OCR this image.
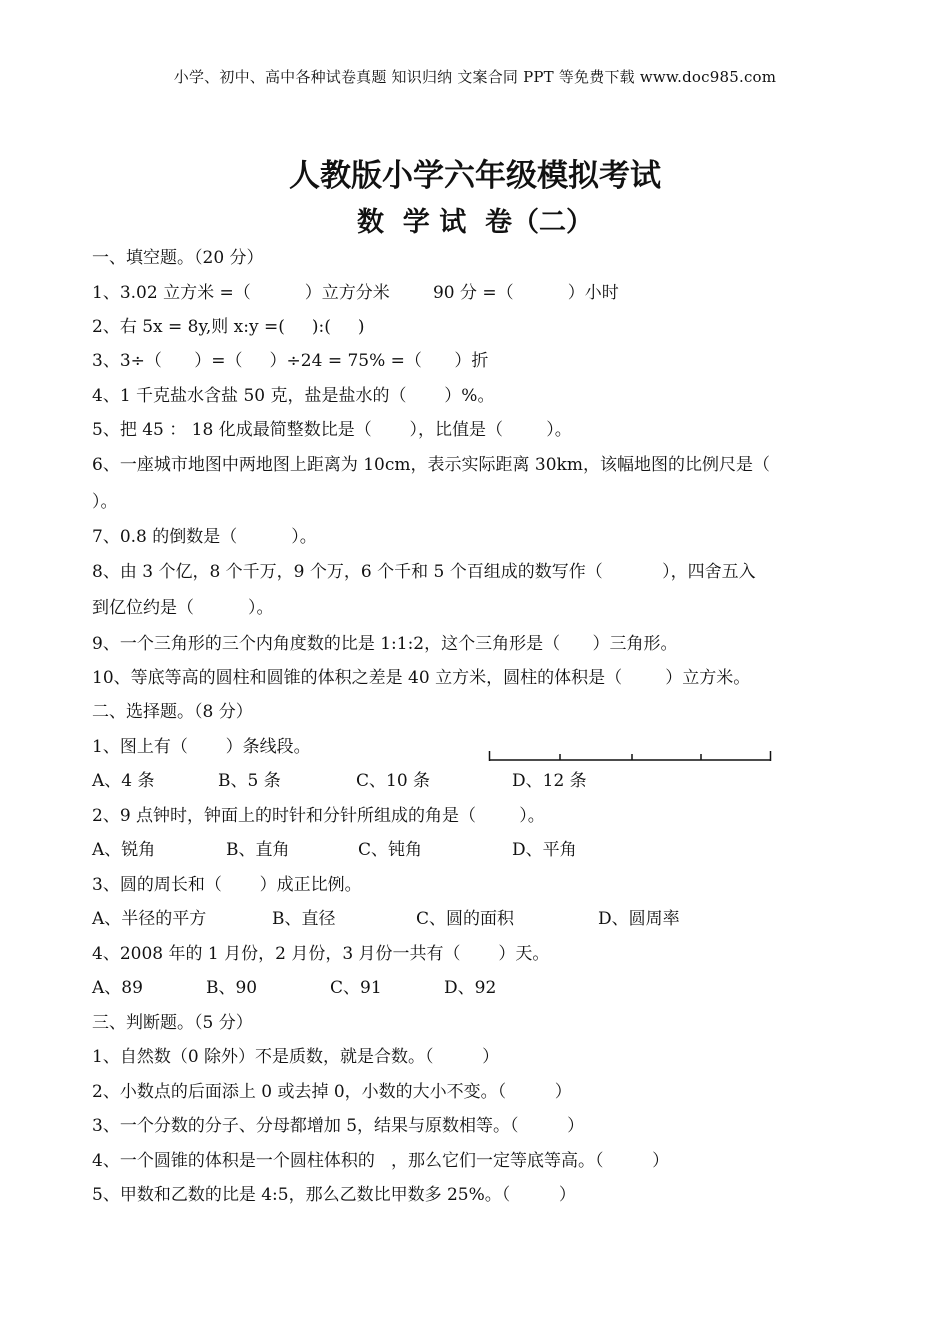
小学、初中、高中各种试卷真题 知识归纳 文案合同 PPT 等免费下载 www.doc985.com
人教版小学六年级模拟考试
数  学 试  卷（二）
一、填空题。（20 分）
1、3.02 立方米 =（          ）立方分米        90 分 =（          ）小时
2、右 5x = 8y,则 x:y =(     ):(     )
3、3÷（      ）=（     ）÷24 = 75% =（      ）折
4、1 千克盐水含盐 50 克，盐是盐水的（       ）%。
5、把 45 ： 18 化成最简整数比是（       ），比值是（        ）。
6、一座城市地图中两地图上距离为 10cm，表示实际距离 30km，该幅地图的比例尺是（
）。
7、0.8 的倒数是（          ）。
8、由 3 个亿，8 个千万，9 个万，6 个千和 5 个百组成的数写作（           ），四舍五入
到亿位约是（          ）。
9、一个三角形的三个内角度数的比是 1:1:2，这个三角形是（      ）三角形。
10、等底等高的圆柱和圆锥的体积之差是 40 立方米，圆柱的体积是（        ）立方米。
二、选择题。（8 分）
1、图上有（       ）条线段。
A、4 条	B、5 条	C、10 条	D、12 条
2、9 点钟时，钟面上的时针和分针所组成的角是（        ）。
A、锐角	B、直角	C、钝角	D、平角
3、圆的周长和（       ）成正比例。
A、半径的平方	B、直径	C、圆的面积	D、圆周率
4、2008 年的 1 月份，2 月份，3 月份一共有（       ）天。
A、89	B、90	C、91	D、92
三、判断题。（5 分）
1、自然数（0 除外）不是质数，就是合数。（         ）
2、小数点的后面添上 0 或去掉 0，小数的大小不变。（         ）
3、一个分数的分子、分母都增加 5，结果与原数相等。（         ）
4、一个圆锥的体积是一个圆柱体积的   ，那么它们一定等底等高。（         ）
5、甲数和乙数的比是 4:5，那么乙数比甲数多 25%。（         ）
